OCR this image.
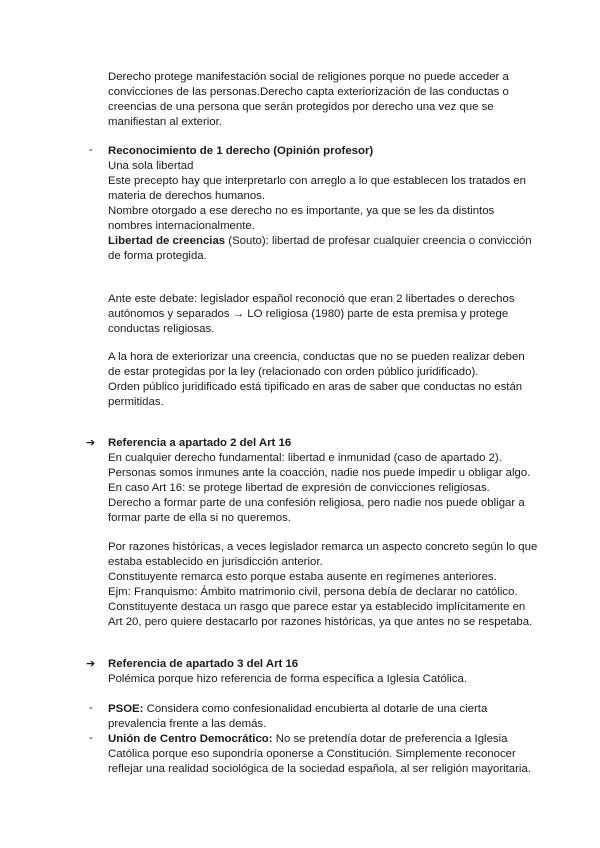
Derecho protege manifestación social de religiones porque no puede acceder a
convicciones de las personas.Derecho capta exteriorización de las conductas o
creencias de una persona que serán protegidos por derecho una vez que se
manifiestan al exterior.
- Reconocimiento de 1 derecho (Opinión profesor)
Una sola libertad
Este precepto hay que interpretarlo con arreglo a lo que establecen los tratados en
materia de derechos humanos.
Nombre otorgado a ese derecho no es importante, ya que se les da distintos
nombres internacionalmente.
Libertad de creencias (Souto): libertad de profesar cualquier creencia o convicción
de forma protegida.
Ante este debate: legislador español reconoció que eran 2 libertades o derechos
autónomos y separados → LO religiosa (1980) parte de esta premisa y protege
conductas religiosas.
A la hora de exteriorizar una creencia, conductas que no se pueden realizar deben
de estar protegidas por la ley (relacionado con orden público juridificado).
Orden público juridificado está tipificado en aras de saber que conductas no están
permitidas.
➔ Referencia a apartado 2 del Art 16
En cualquier derecho fundamental: libertad e inmunidad (caso de apartado 2).
Personas somos inmunes ante la coacción, nadie nos puede impedir u obligar algo.
En caso Art 16: se protege libertad de expresión de convicciones religiosas.
Derecho a formar parte de una confesión religiosa, pero nadie nos puede obligar a
formar parte de ella si no queremos.
Por razones históricas, a veces legislador remarca un aspecto concreto según lo que
estaba establecido en jurisdicción anterior.
Constituyente remarca esto porque estaba ausente en regímenes anteriores.
Ejm: Franquismo: Ámbito matrimonio civil, persona debía de declarar no católico.
Constituyente destaca un rasgo que parece estar ya establecido implícitamente en
Art 20, pero quiere destacarlo por razones históricas, ya que antes no se respetaba.
➔ Referencia de apartado 3 del Art 16
Polémica porque hizo referencia de forma específica a Iglesia Católica.
- PSOE: Considera como confesionalidad encubierta al dotarle de una cierta
prevalencia frente a las demás.
- Unión de Centro Democrático: No se pretendía dotar de preferencia a Iglesia
Católica porque eso supondría oponerse a Constitución. Simplemente reconocer
reflejar una realidad sociológica de la sociedad española, al ser religión mayoritaria.
